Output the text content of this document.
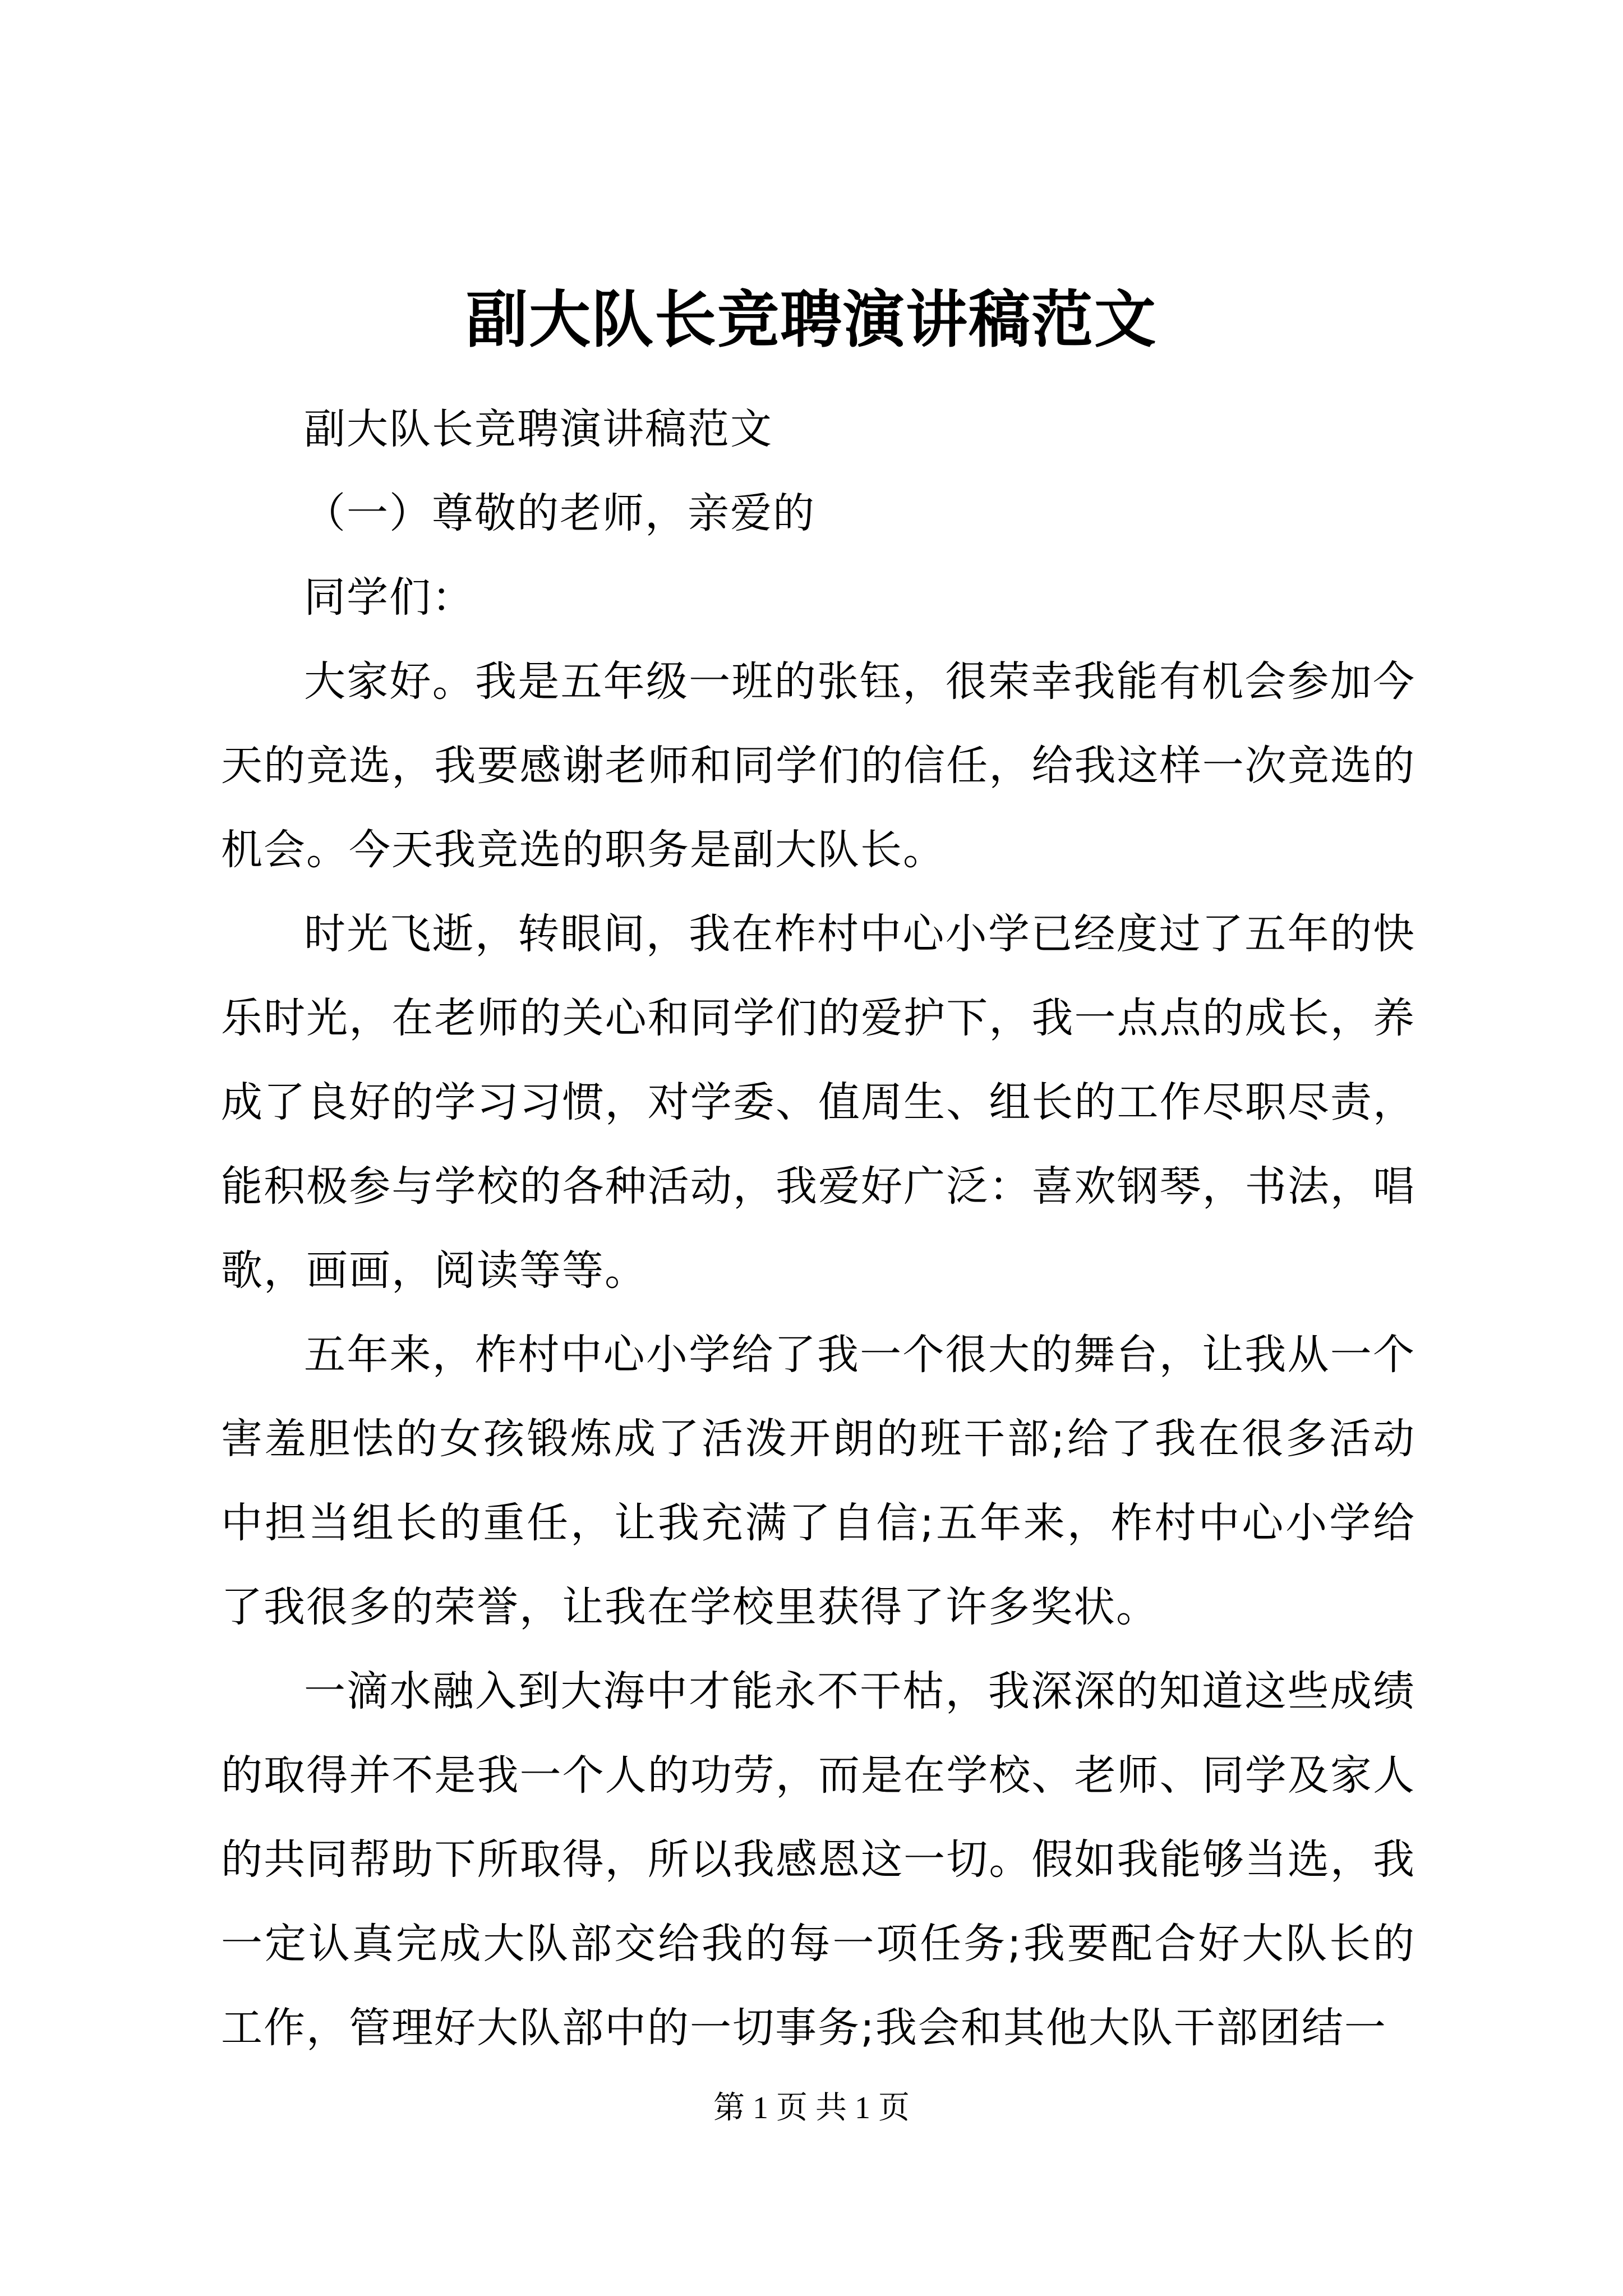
副大队长竞聘演讲稿范文

副大队长竞聘演讲稿范文

（一）尊敬的老师，亲爱的

同学们：

大家好。我是五年级一班的张钰，很荣幸我能有机会参加今天的竞选，我要感谢老师和同学们的信任，给我这样一次竞选的机会。今天我竞选的职务是副大队长。

时光飞逝，转眼间，我在柞村中心小学已经度过了五年的快乐时光，在老师的关心和同学们的爱护下，我一点点的成长，养成了良好的学习习惯，对学委、值周生、组长的工作尽职尽责，能积极参与学校的各种活动，我爱好广泛：喜欢钢琴，书法，唱歌，画画，阅读等等。

五年来，柞村中心小学给了我一个很大的舞台，让我从一个害羞胆怯的女孩锻炼成了活泼开朗的班干部;给了我在很多活动中担当组长的重任，让我充满了自信;五年来，柞村中心小学给了我很多的荣誉，让我在学校里获得了许多奖状。

一滴水融入到大海中才能永不干枯，我深深的知道这些成绩的取得并不是我一个人的功劳，而是在学校、老师、同学及家人的共同帮助下所取得，所以我感恩这一切。假如我能够当选，我一定认真完成大队部交给我的每一项任务;我要配合好大队长的工作，管理好大队部中的一切事务;我会和其他大队干部团结一

第 1 页 共 1 页
